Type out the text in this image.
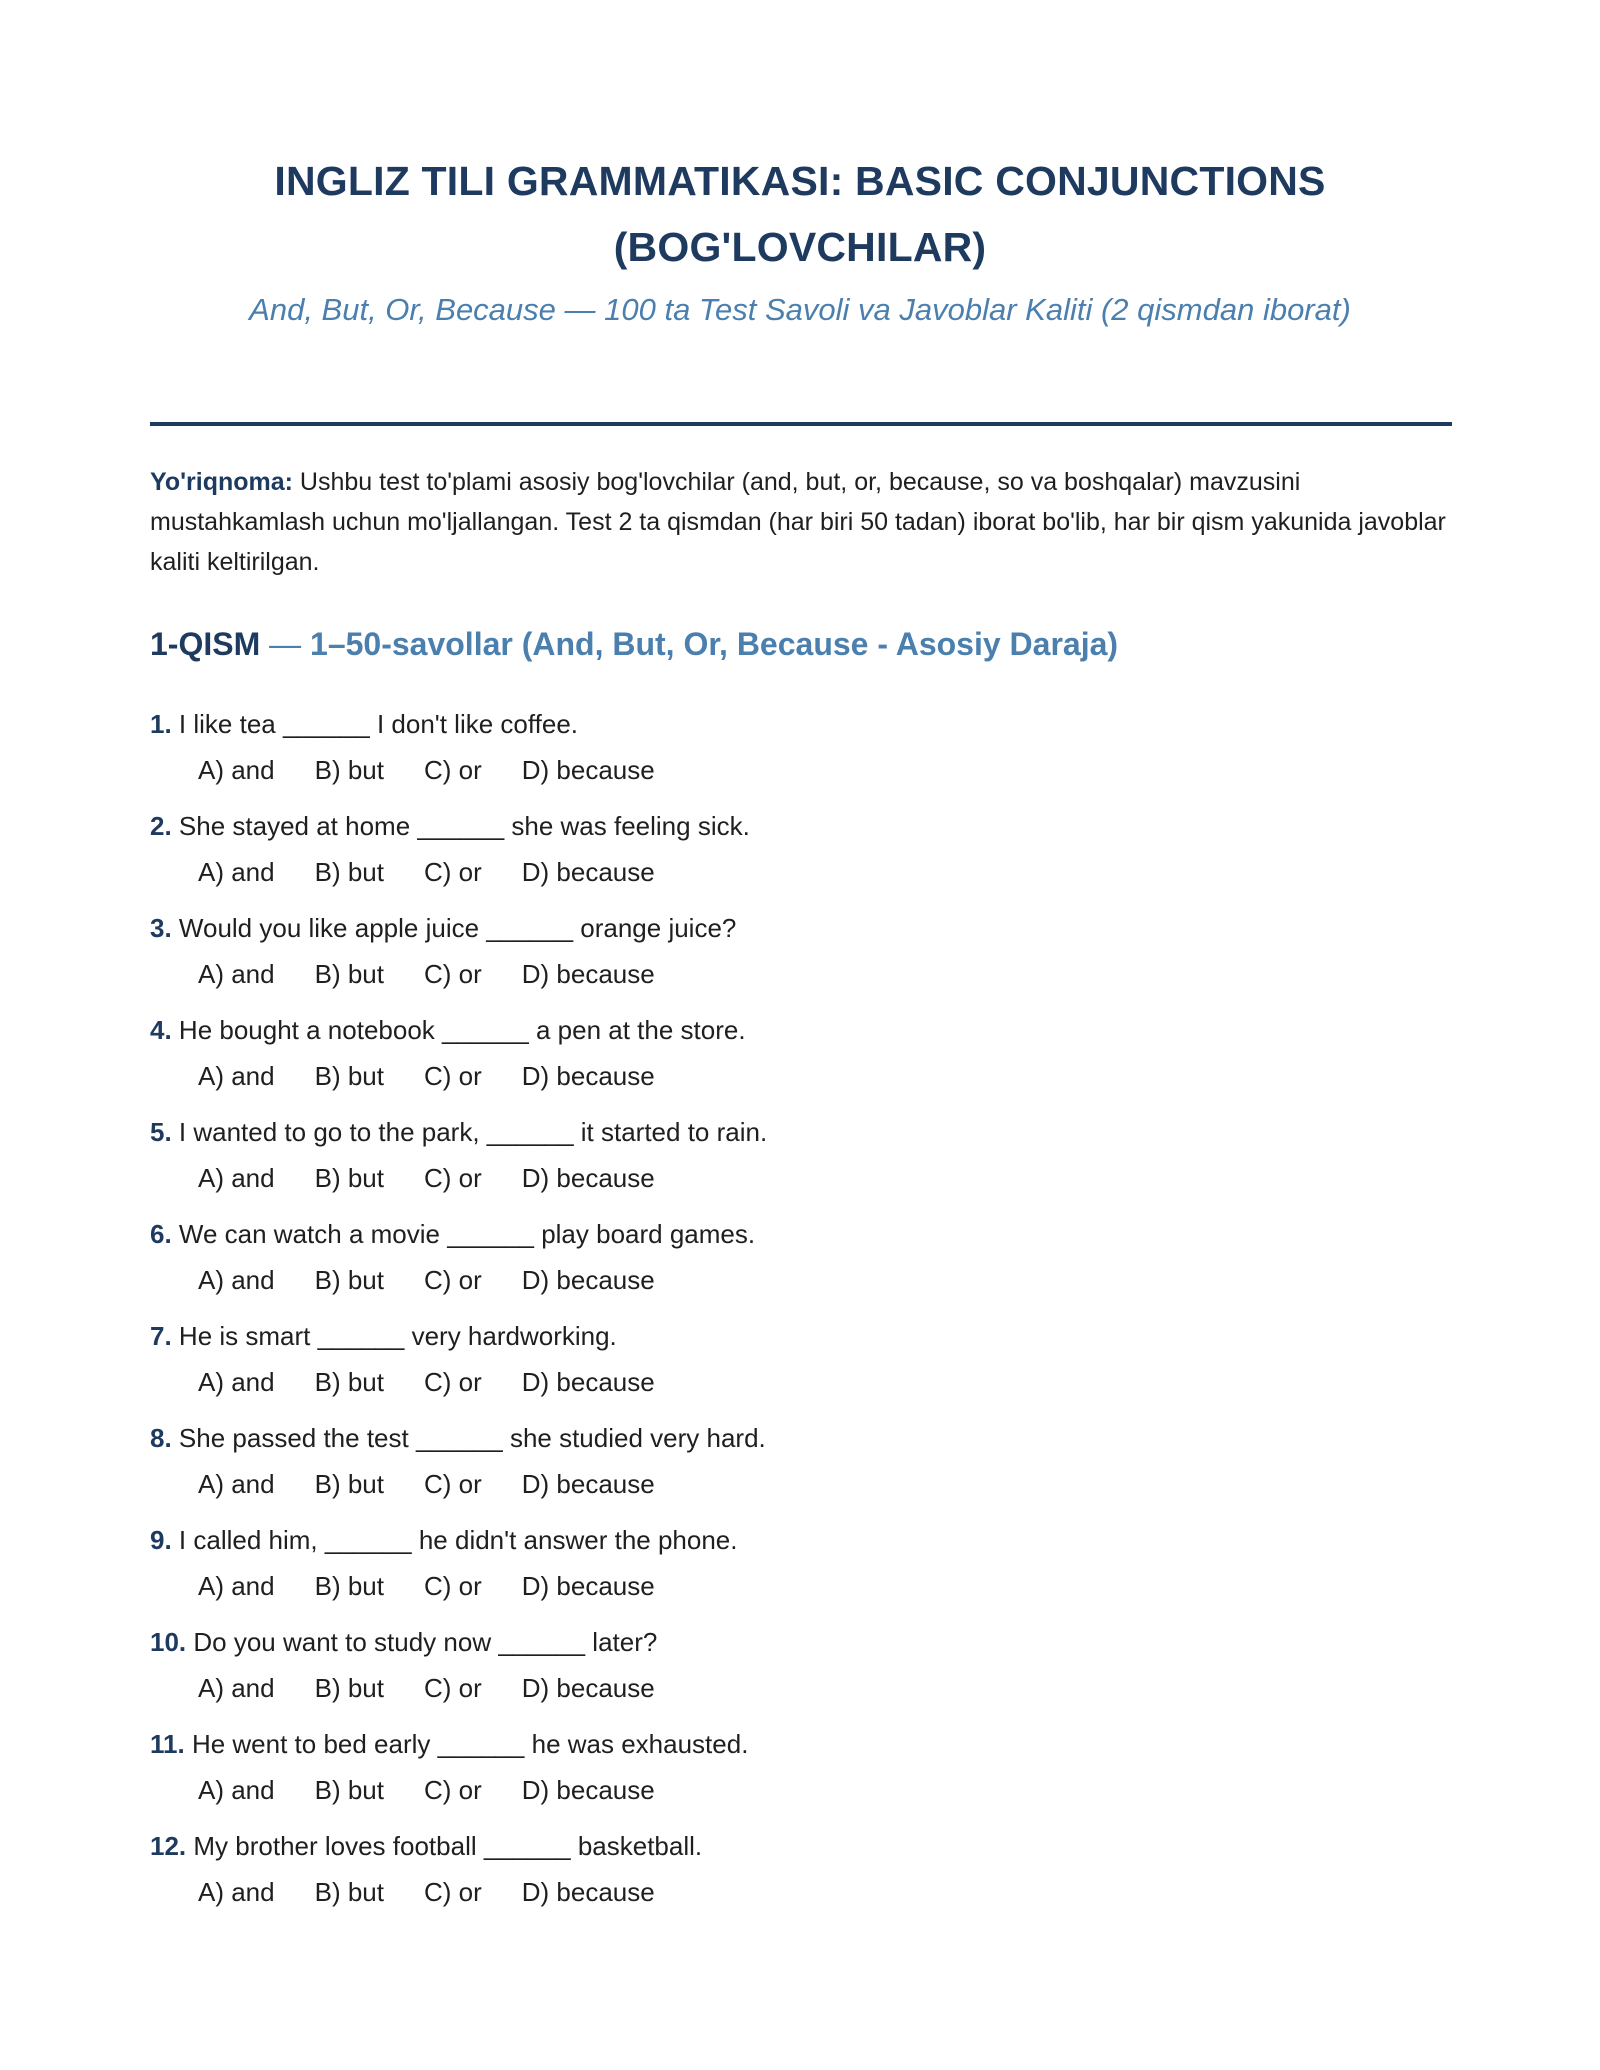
INGLIZ TILI GRAMMATIKASI: BASIC CONJUNCTIONS
(BOG'LOVCHILAR)
And, But, Or, Because — 100 ta Test Savoli va Javoblar Kaliti (2 qismdan iborat)
Yo'riqnoma: Ushbu test to'plami asosiy bog'lovchilar (and, but, or, because, so va boshqalar) mavzusini mustahkamlash uchun mo'ljallangan. Test 2 ta qismdan (har biri 50 tadan) iborat bo'lib, har bir qism yakunida javoblar kaliti keltirilgan.
1-QISM — 1–50-savollar (And, But, Or, Because - Asosiy Daraja)
1. I like tea ______ I don't like coffee.
A) and B) but C) or D) because
2. She stayed at home ______ she was feeling sick.
A) and B) but C) or D) because
3. Would you like apple juice ______ orange juice?
A) and B) but C) or D) because
4. He bought a notebook ______ a pen at the store.
A) and B) but C) or D) because
5. I wanted to go to the park, ______ it started to rain.
A) and B) but C) or D) because
6. We can watch a movie ______ play board games.
A) and B) but C) or D) because
7. He is smart ______ very hardworking.
A) and B) but C) or D) because
8. She passed the test ______ she studied very hard.
A) and B) but C) or D) because
9. I called him, ______ he didn't answer the phone.
A) and B) but C) or D) because
10. Do you want to study now ______ later?
A) and B) but C) or D) because
11. He went to bed early ______ he was exhausted.
A) and B) but C) or D) because
12. My brother loves football ______ basketball.
A) and B) but C) or D) because
